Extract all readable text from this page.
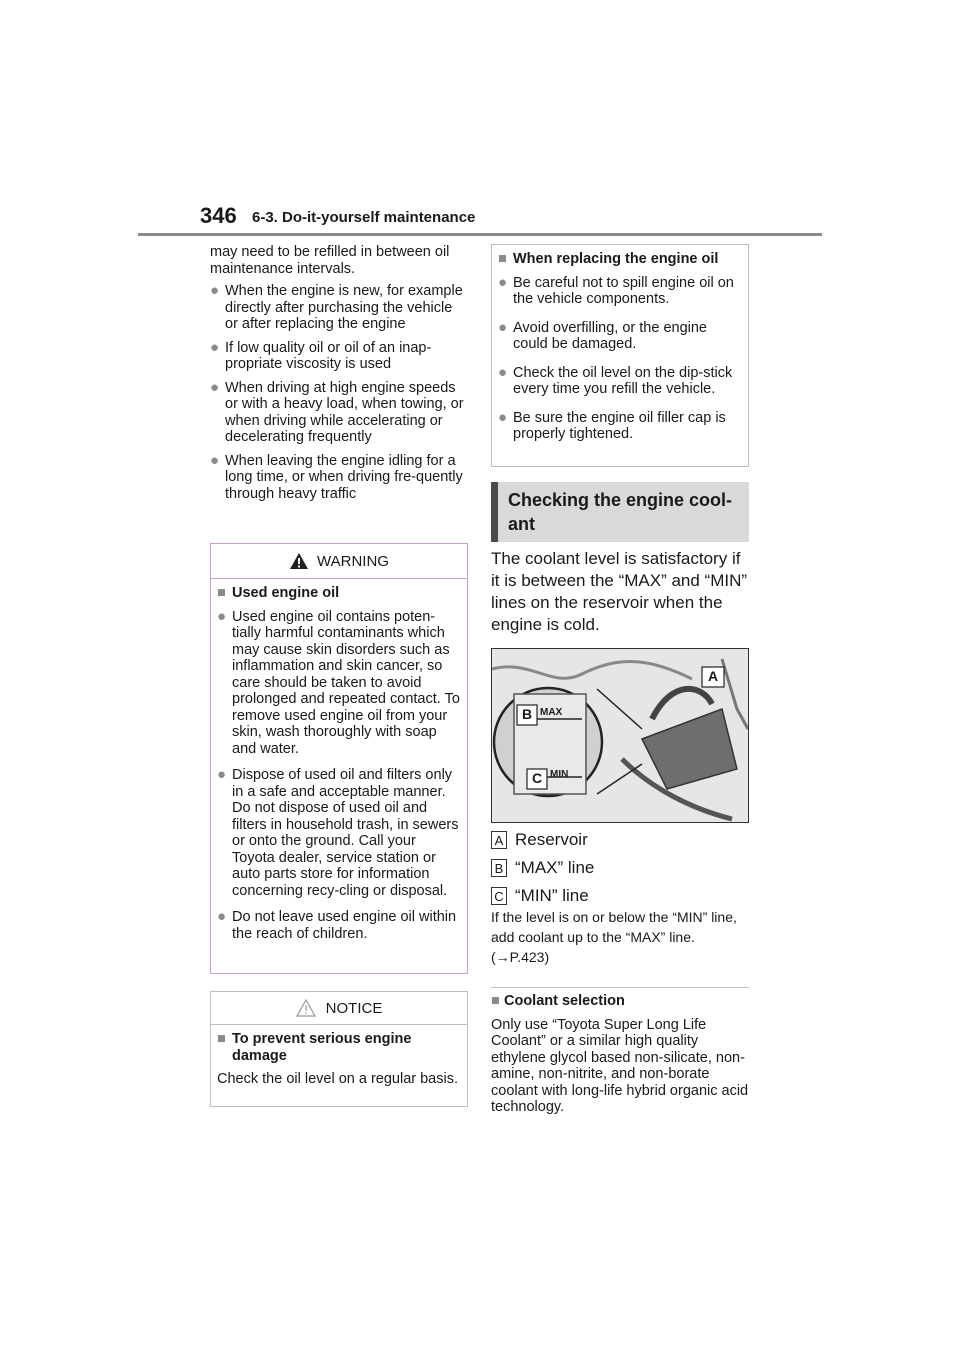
346 6-3. Do-it-yourself maintenance

may need to be refilled in between oil maintenance intervals.

● When the engine is new, for example directly after purchasing the vehicle or after replacing the engine
● If low quality oil or oil of an inap-propriate viscosity is used
● When driving at high engine speeds or with a heavy load, when towing, or when driving while accelerating or decelerating frequently
● When leaving the engine idling for a long time, or when driving fre-quently through heavy traffic
WARNING
■ Used engine oil
● Used engine oil contains poten-tially harmful contaminants which may cause skin disorders such as inflammation and skin cancer, so care should be taken to avoid prolonged and repeated contact. To remove used engine oil from your skin, wash thoroughly with soap and water.
● Dispose of used oil and filters only in a safe and acceptable manner. Do not dispose of used oil and filters in household trash, in sewers or onto the ground. Call your Toyota dealer, service station or auto parts store for information concerning recy-cling or disposal.
● Do not leave used engine oil within the reach of children.
NOTICE
■ To prevent serious engine damage

Check the oil level on a regular basis.

■ When replacing the engine oil
● Be careful not to spill engine oil on the vehicle components.
● Avoid overfilling, or the engine could be damaged.
● Check the oil level on the dip-stick every time you refill the vehicle.
● Be sure the engine oil filler cap is properly tightened.
Checking the engine cool-
ant
The coolant level is satisfactory if it is between the “MAX” and “MIN” lines on the reservoir when the engine is cold.
A
B
C
MAX
MIN
A Reservoir
B “MAX” line
C “MIN” line
If the level is on or below the “MIN” line, add coolant up to the “MAX” line. (→P.423)
■ Coolant selection

Only use “Toyota Super Long Life Coolant” or a similar high quality ethylene glycol based non-silicate, non-amine, non-nitrite, and non-borate coolant with long-life hybrid organic acid technology.
